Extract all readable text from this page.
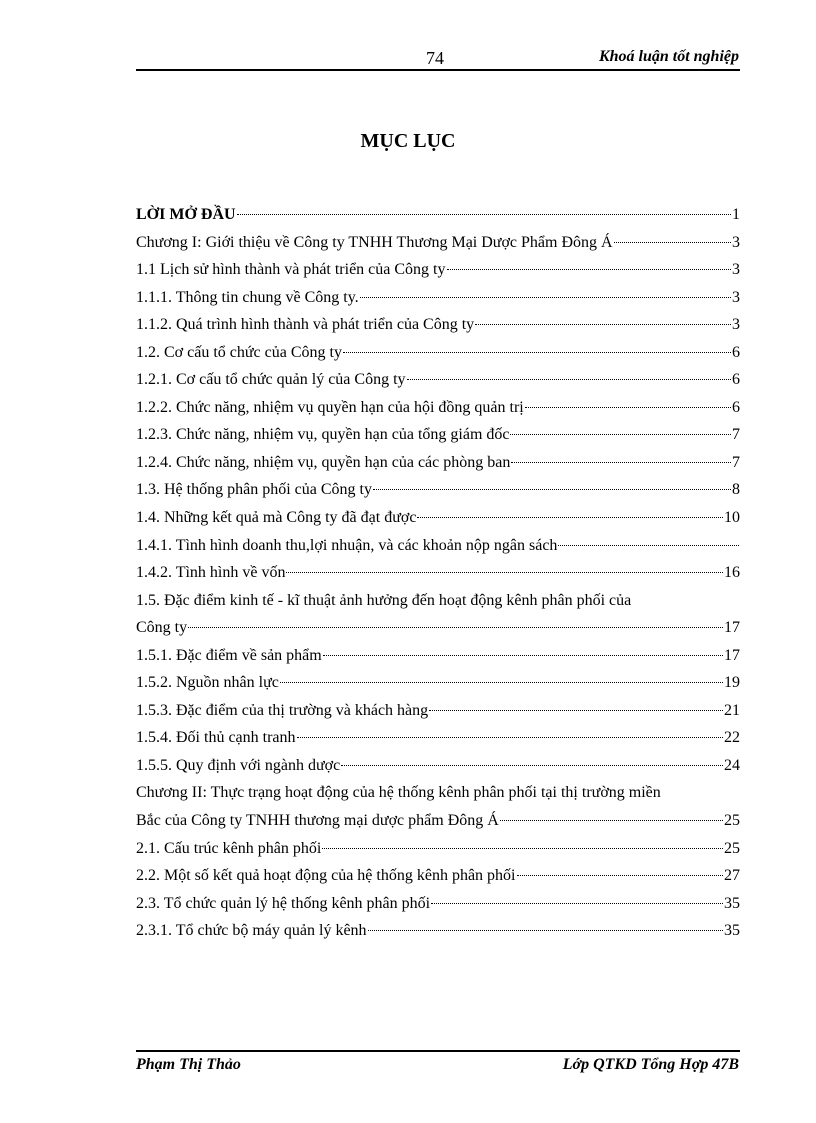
74	Khoá luận tốt nghiệp
MỤC LỤC
LỜI MỞ ĐẦU	1
Chương I: Giới thiệu về Công ty TNHH Thương Mại Dược Phẩm Đông Á	3
1.1 Lịch sử hình thành và phát triển của Công ty	3
1.1.1. Thông tin chung về Công ty.	3
1.1.2. Quá trình hình thành và phát triển của Công ty	3
1.2. Cơ cấu tổ chức của Công ty	6
1.2.1. Cơ cấu tổ chức quản lý của Công ty	6
1.2.2. Chức năng, nhiệm vụ quyền hạn của hội đồng quản trị	6
1.2.3. Chức năng, nhiệm vụ, quyền hạn của tổng giám đốc	7
1.2.4. Chức năng, nhiệm vụ, quyền hạn của các phòng ban	7
1.3. Hệ thống phân phối của Công ty	8
1.4. Những kết quả mà Công ty đã đạt được	10
1.4.1. Tình hình doanh thu,lợi nhuận, và các khoản nộp ngân sách
1.4.2. Tình hình về vốn	16
1.5. Đặc điểm kinh tế - kĩ thuật ảnh hưởng đến hoạt động kênh phân phối của
Công ty	17
1.5.1. Đặc điểm về sản phẩm	17
1.5.2. Nguồn nhân lực	19
1.5.3. Đặc điểm của thị trường và khách hàng	21
1.5.4. Đối thủ cạnh tranh	22
1.5.5. Quy định với ngành dược	24
Chương II: Thực trạng hoạt động của hệ thống kênh phân phối tại thị trường miền
Bắc của Công ty TNHH thương mại dược phẩm Đông Á	25
2.1. Cấu trúc kênh phân phối	25
2.2. Một số kết quả hoạt động của hệ thống kênh phân phối	27
2.3. Tổ chức quản lý hệ thống kênh phân phối	35
2.3.1. Tổ chức bộ máy quản lý kênh	35
Phạm Thị Thảo	Lớp QTKD Tổng Hợp 47B
